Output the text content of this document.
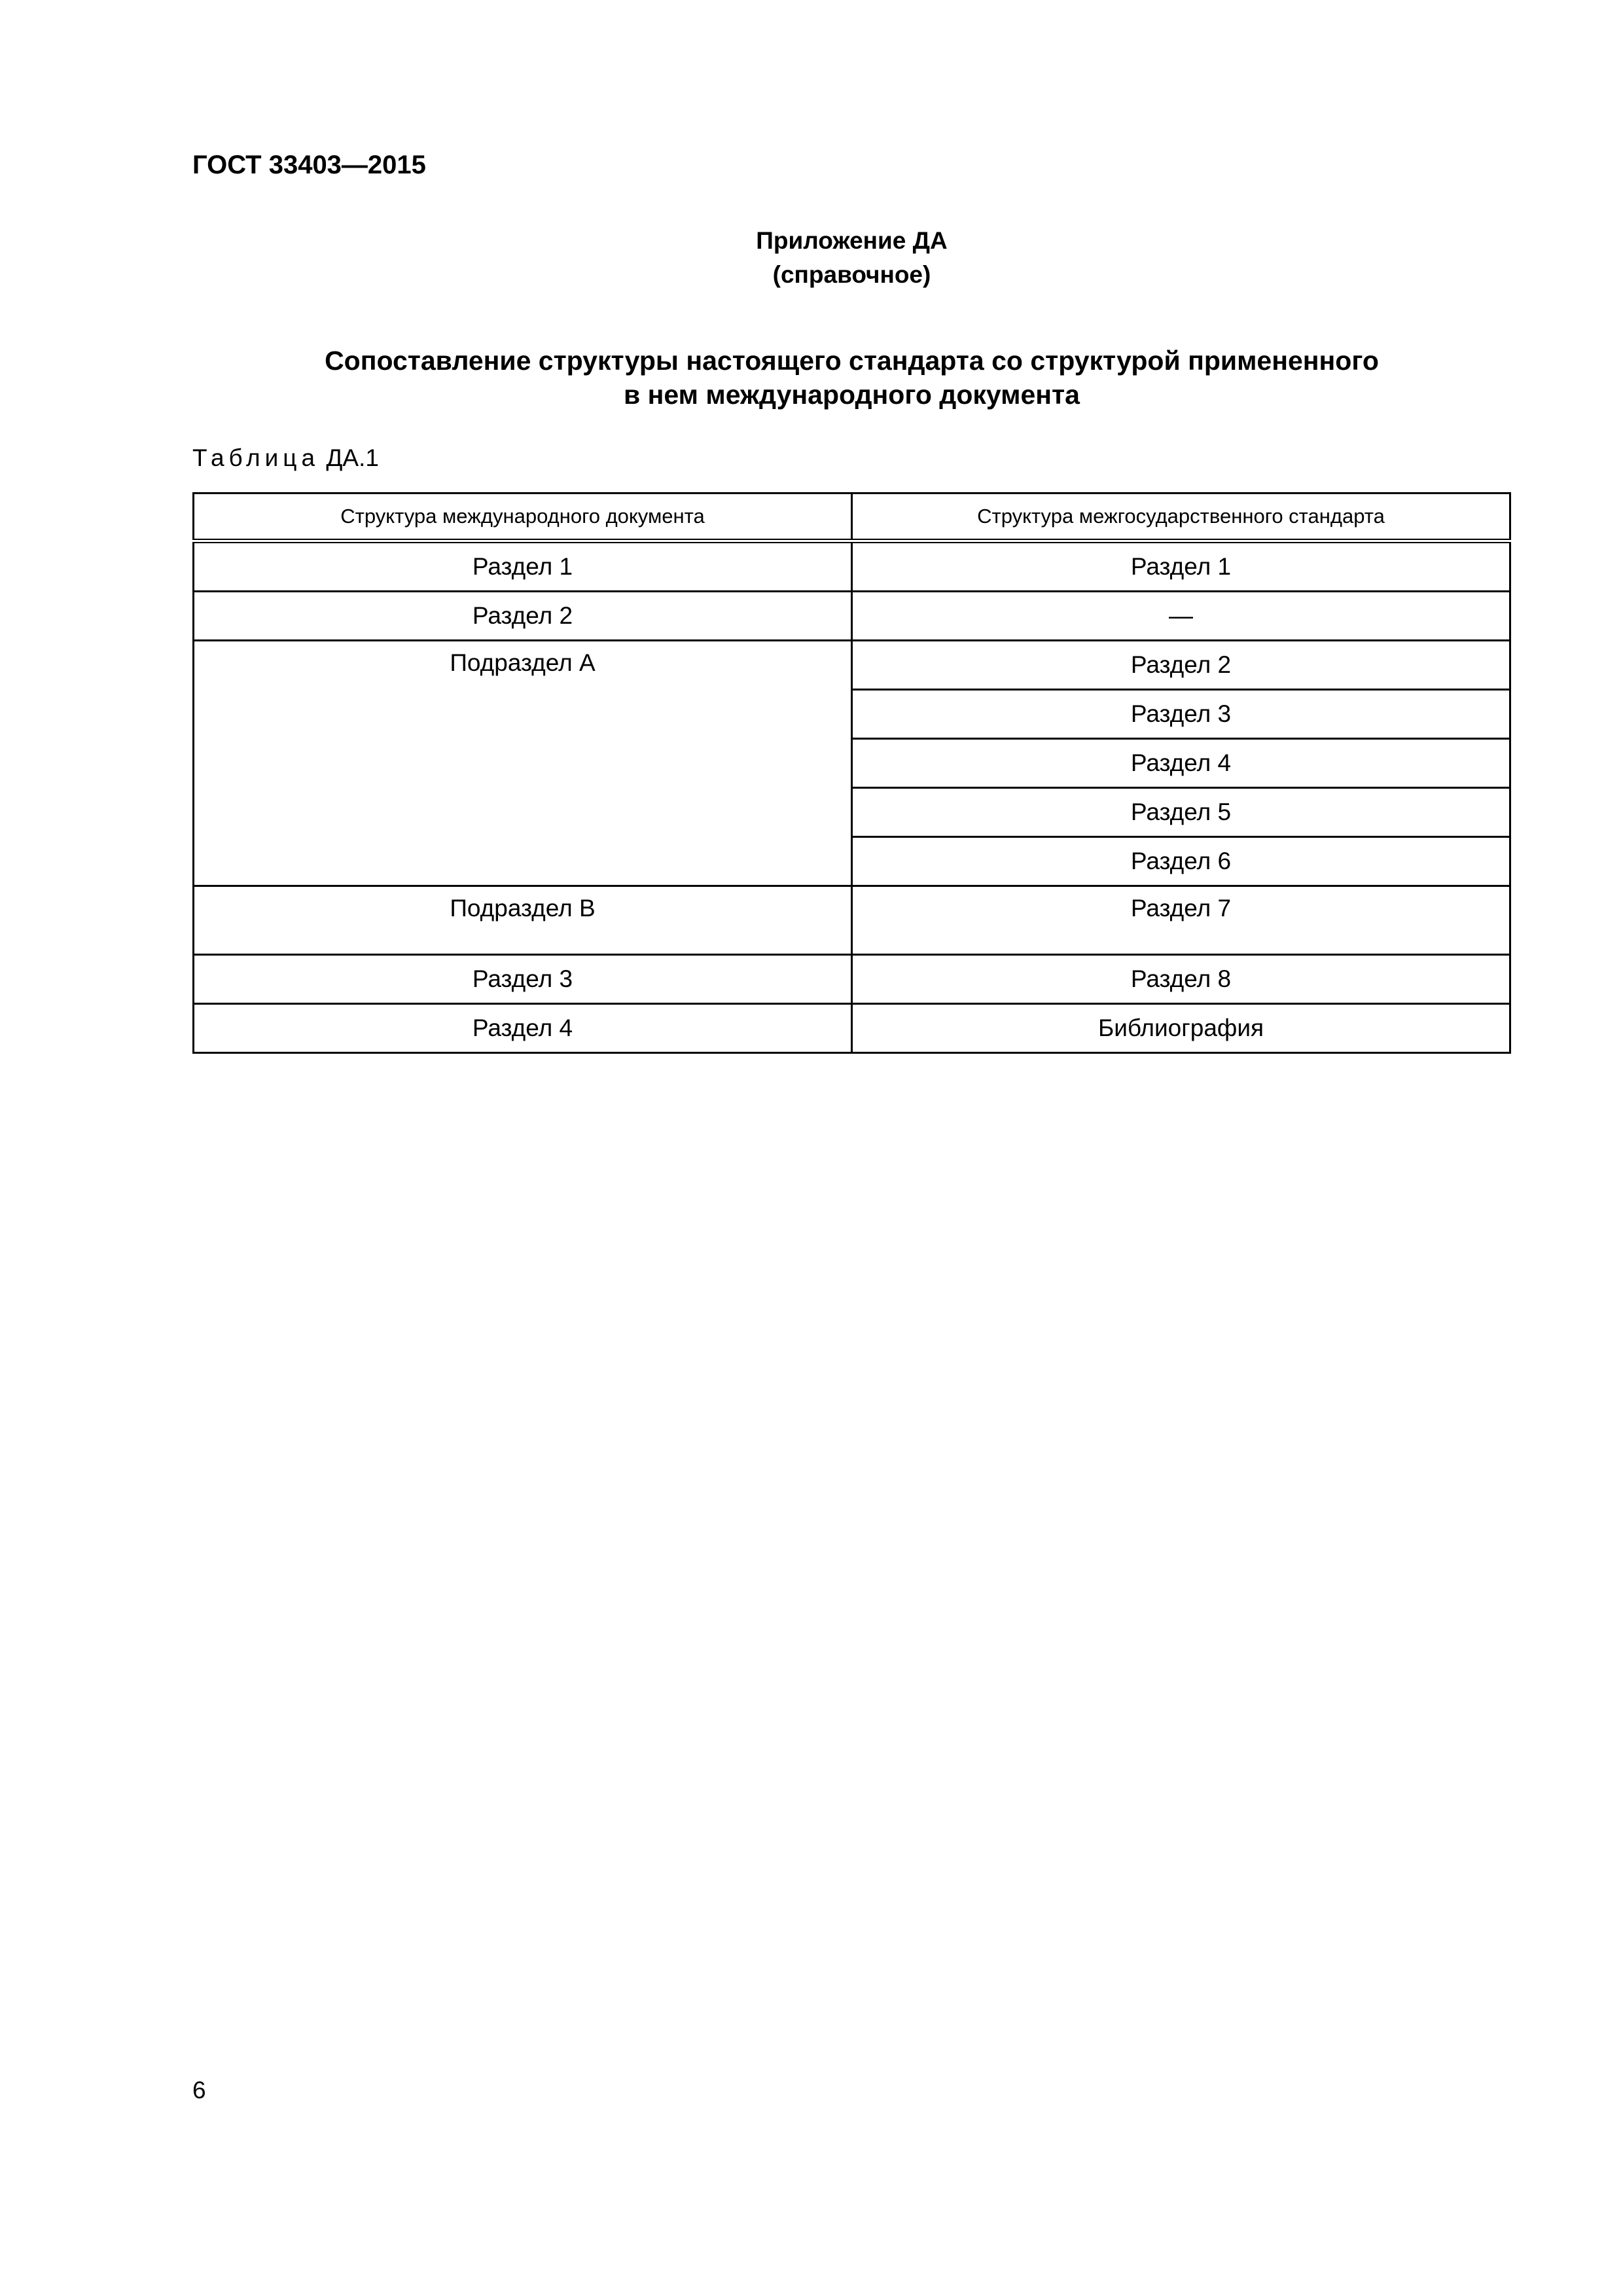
ГОСТ 33403—2015
Приложение ДА
(справочное)
Сопоставление структуры настоящего стандарта со структурой примененного
в нем международного документа
Таблица ДА.1
Структура международного документа	Структура межгосударственного стандарта
Раздел 1	Раздел 1
Раздел 2	—
Подраздел А	Раздел 2
	Раздел 3
	Раздел 4
	Раздел 5
	Раздел 6
Подраздел В	Раздел 7
Раздел 3	Раздел 8
Раздел 4	Библиография
6
